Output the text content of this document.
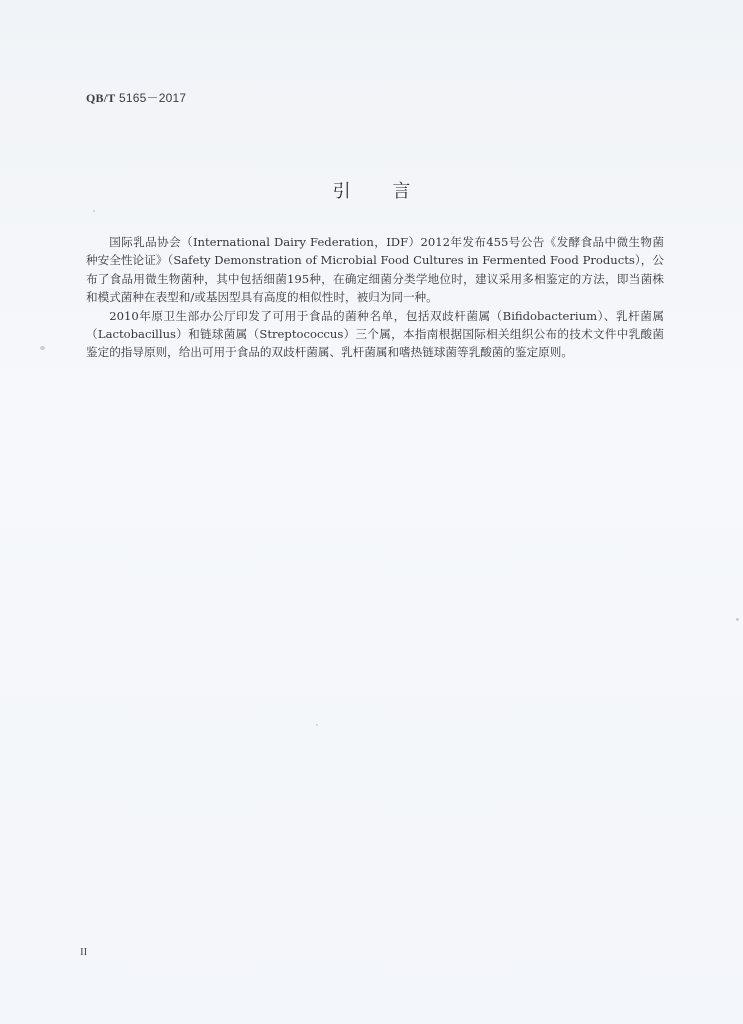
QB/T 5165－2017
引 言

国际乳品协会（International Dairy Federation，IDF）2012年发布455号公告《发酵食品中微生物菌种安全性论证》（Safety Demonstration of Microbial Food Cultures in Fermented Food Products），公布了食品用微生物菌种，其中包括细菌195种，在确定细菌分类学地位时，建议采用多相鉴定的方法，即当菌株和模式菌种在表型和/或基因型具有高度的相似性时，被归为同一种。

2010年原卫生部办公厅印发了可用于食品的菌种名单，包括双歧杆菌属（Bifidobacterium）、乳杆菌属（Lactobacillus）和链球菌属（Streptococcus）三个属，本指南根据国际相关组织公布的技术文件中乳酸菌鉴定的指导原则，给出可用于食品的双歧杆菌属、乳杆菌属和嗜热链球菌等乳酸菌的鉴定原则。

II
